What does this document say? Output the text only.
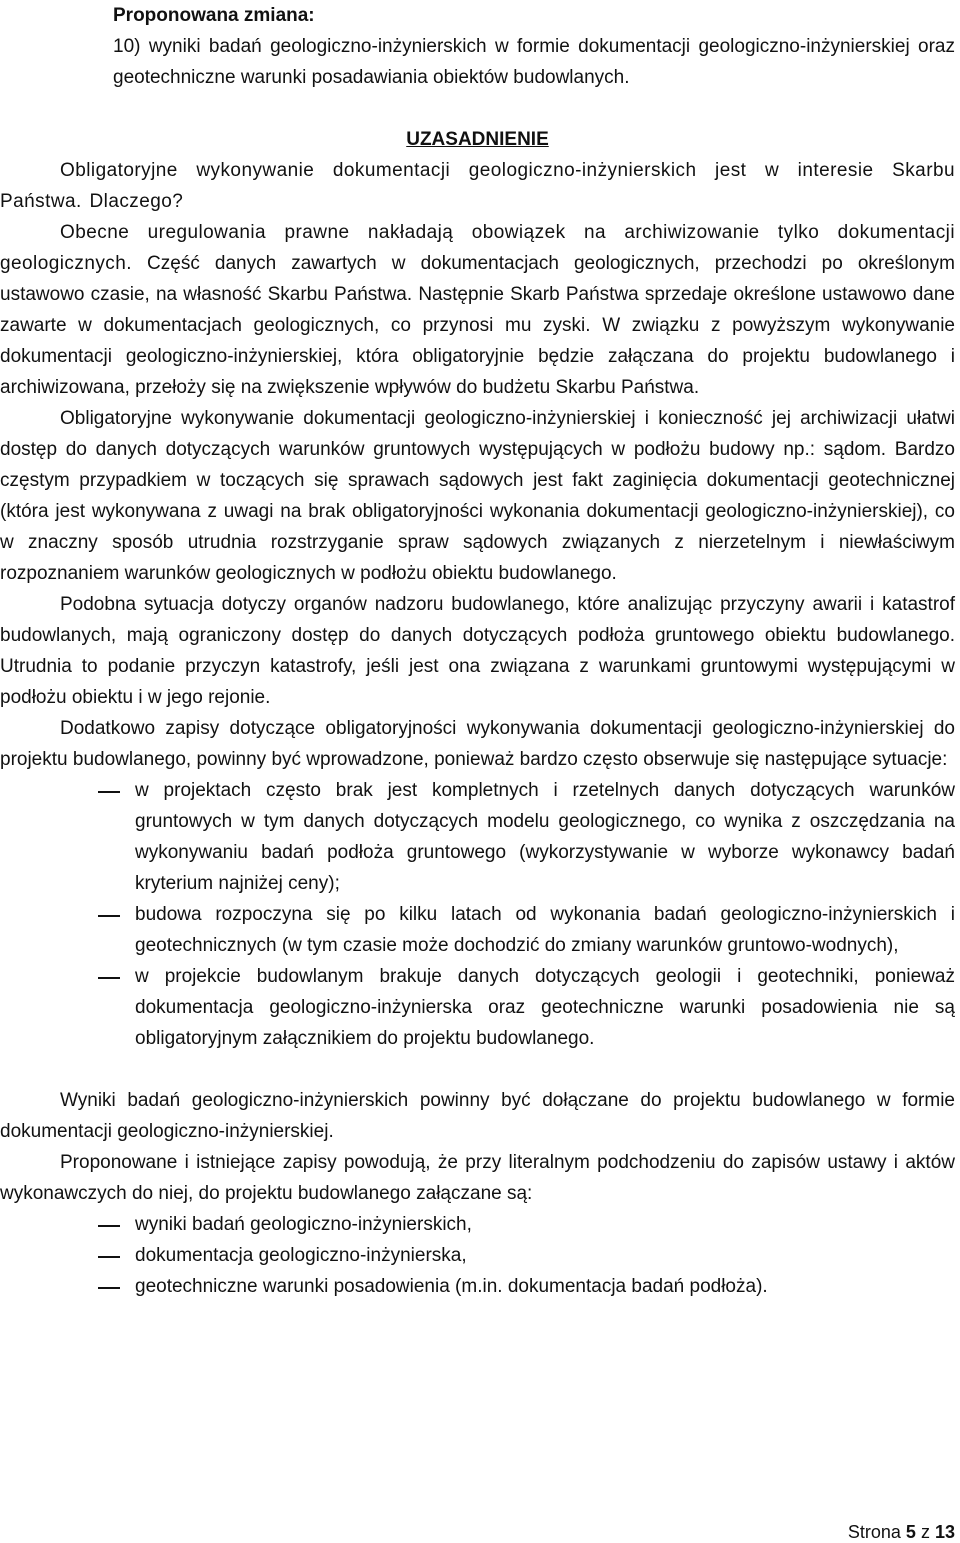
Proponowana zmiana:

10) wyniki badań geologiczno-inżynierskich w formie dokumentacji geologiczno-inżynierskiej oraz geotechniczne warunki posadawiania obiektów budowlanych.

UZASADNIENIE

Obligatoryjne wykonywanie dokumentacji geologiczno-inżynierskich jest w interesie Skarbu Państwa. Dlaczego?

Obecne uregulowania prawne nakładają obowiązek na archiwizowanie tylko dokumentacji geologicznych. Część danych zawartych w dokumentacjach geologicznych, przechodzi po określonym ustawowo czasie, na własność Skarbu Państwa. Następnie Skarb Państwa sprzedaje określone ustawowo dane zawarte w dokumentacjach geologicznych, co przynosi mu zyski. W związku z powyższym wykonywanie dokumentacji geologiczno-inżynierskiej, która obligatoryjnie będzie załączana do projektu budowlanego i archiwizowana, przełoży się na zwiększenie wpływów do budżetu Skarbu Państwa.

Obligatoryjne wykonywanie dokumentacji geologiczno-inżynierskiej i konieczność jej archiwizacji ułatwi dostęp do danych dotyczących warunków gruntowych występujących w podłożu budowy np.: sądom. Bardzo częstym przypadkiem w toczących się sprawach sądowych jest fakt zaginięcia dokumentacji geotechnicznej (która jest wykonywana z uwagi na brak obligatoryjności wykonania dokumentacji geologiczno-inżynierskiej), co w znaczny sposób utrudnia rozstrzyganie spraw sądowych związanych z nierzetelnym i niewłaściwym rozpoznaniem warunków geologicznych w podłożu obiektu budowlanego.

Podobna sytuacja dotyczy organów nadzoru budowlanego, które analizując przyczyny awarii i katastrof budowlanych, mają ograniczony dostęp do danych dotyczących podłoża gruntowego obiektu budowlanego. Utrudnia to podanie przyczyn katastrofy, jeśli jest ona związana z warunkami gruntowymi występującymi w podłożu obiektu i w jego rejonie.

Dodatkowo zapisy dotyczące obligatoryjności wykonywania dokumentacji geologiczno-inżynierskiej do projektu budowlanego, powinny być wprowadzone, ponieważ bardzo często obserwuje się następujące sytuacje:

w projektach często brak jest kompletnych i rzetelnych danych dotyczących warunków gruntowych w tym danych dotyczących modelu geologicznego, co wynika z oszczędzania na wykonywaniu badań podłoża gruntowego (wykorzystywanie w wyborze wykonawcy badań kryterium najniżej ceny);
budowa rozpoczyna się po kilku latach od wykonania badań geologiczno-inżynierskich i geotechnicznych (w tym czasie może dochodzić do zmiany warunków gruntowo-wodnych),
w projekcie budowlanym brakuje danych dotyczących geologii i geotechniki, ponieważ dokumentacja geologiczno-inżynierska oraz geotechniczne warunki posadowienia nie są obligatoryjnym załącznikiem do projektu budowlanego.

Wyniki badań geologiczno-inżynierskich powinny być dołączane do projektu budowlanego w formie dokumentacji geologiczno-inżynierskiej.

Proponowane i istniejące zapisy powodują, że przy literalnym podchodzeniu do zapisów ustawy i aktów wykonawczych do niej, do projektu budowlanego załączane są:

wyniki badań geologiczno-inżynierskich,
dokumentacja geologiczno-inżynierska,
geotechniczne warunki posadowienia (m.in. dokumentacja badań podłoża).
Strona 5 z 13
